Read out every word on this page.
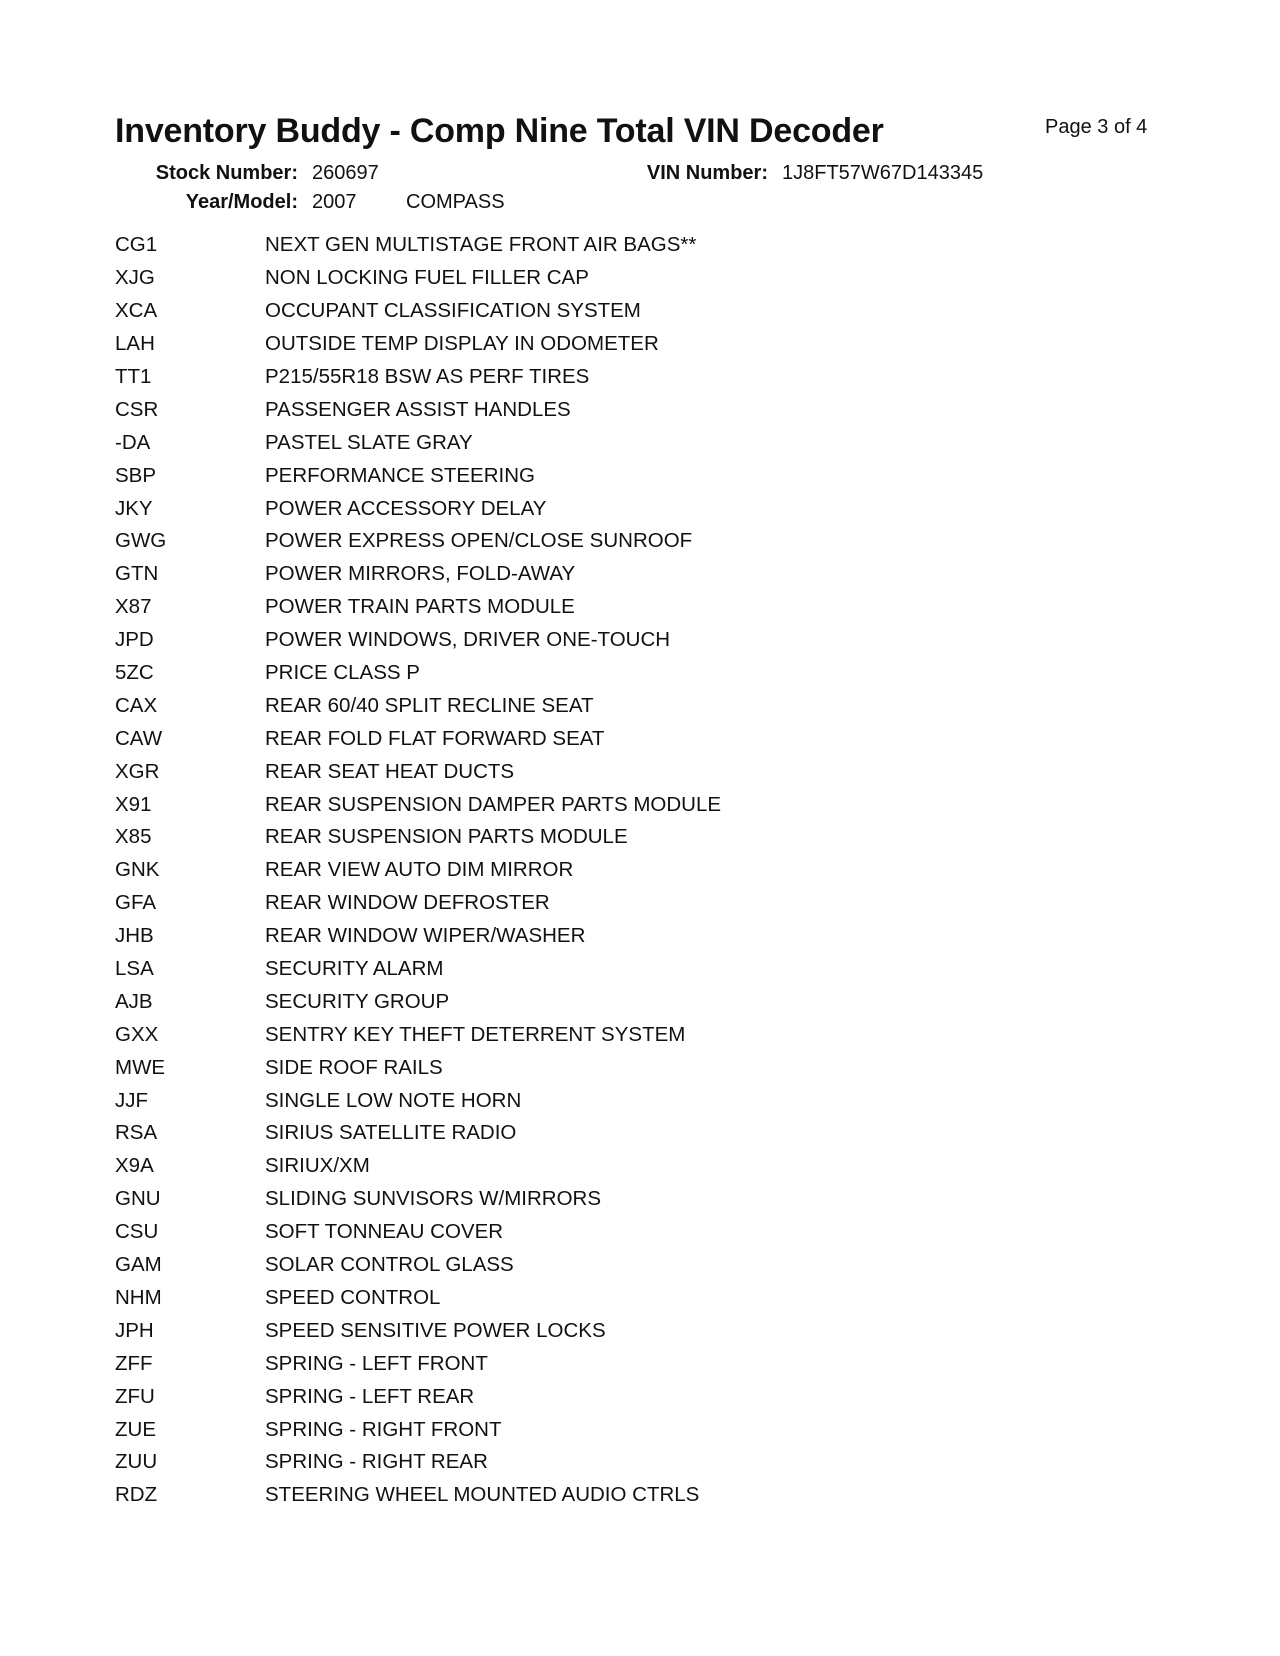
Inventory Buddy - Comp Nine Total VIN Decoder	Page 3 of 4
Stock Number: 260697	VIN Number: 1J8FT57W67D143345
Year/Model: 2007 COMPASS
CG1	NEXT GEN MULTISTAGE FRONT AIR BAGS**
XJG	NON LOCKING FUEL FILLER CAP
XCA	OCCUPANT CLASSIFICATION SYSTEM
LAH	OUTSIDE TEMP DISPLAY IN ODOMETER
TT1	P215/55R18 BSW AS PERF TIRES
CSR	PASSENGER ASSIST HANDLES
-DA	PASTEL SLATE GRAY
SBP	PERFORMANCE STEERING
JKY	POWER ACCESSORY DELAY
GWG	POWER EXPRESS OPEN/CLOSE SUNROOF
GTN	POWER MIRRORS, FOLD-AWAY
X87	POWER TRAIN PARTS MODULE
JPD	POWER WINDOWS, DRIVER ONE-TOUCH
5ZC	PRICE CLASS P
CAX	REAR 60/40 SPLIT RECLINE SEAT
CAW	REAR FOLD FLAT FORWARD SEAT
XGR	REAR SEAT HEAT DUCTS
X91	REAR SUSPENSION DAMPER PARTS MODULE
X85	REAR SUSPENSION PARTS MODULE
GNK	REAR VIEW AUTO DIM MIRROR
GFA	REAR WINDOW DEFROSTER
JHB	REAR WINDOW WIPER/WASHER
LSA	SECURITY ALARM
AJB	SECURITY GROUP
GXX	SENTRY KEY THEFT DETERRENT SYSTEM
MWE	SIDE ROOF RAILS
JJF	SINGLE LOW NOTE HORN
RSA	SIRIUS SATELLITE RADIO
X9A	SIRIUX/XM
GNU	SLIDING SUNVISORS W/MIRRORS
CSU	SOFT TONNEAU COVER
GAM	SOLAR CONTROL GLASS
NHM	SPEED CONTROL
JPH	SPEED SENSITIVE POWER LOCKS
ZFF	SPRING - LEFT FRONT
ZFU	SPRING - LEFT REAR
ZUE	SPRING - RIGHT FRONT
ZUU	SPRING - RIGHT REAR
RDZ	STEERING WHEEL MOUNTED AUDIO CTRLS
